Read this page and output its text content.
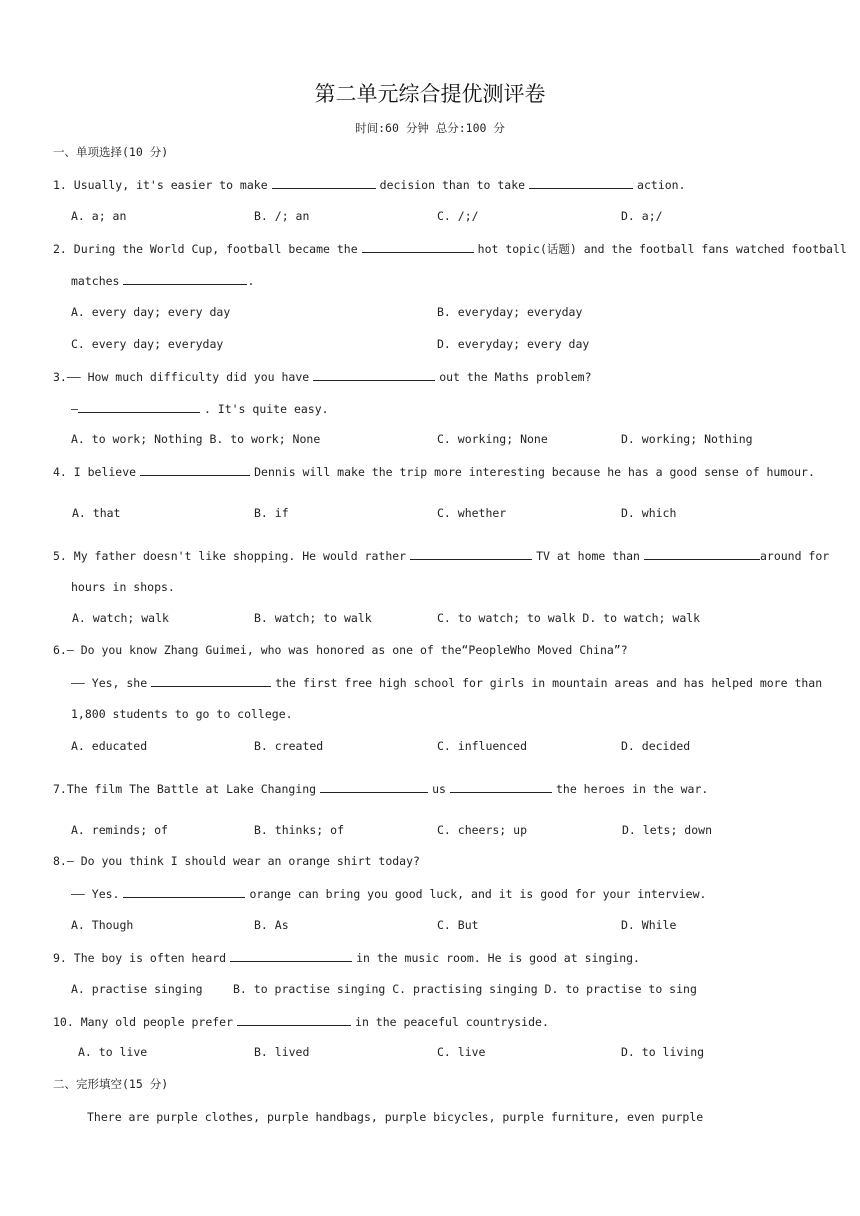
第二单元综合提优测评卷
时间:60 分钟 总分:100 分
一、单项选择(10 分)
1. Usually, it's easier to make	decision than to take	action.
A. a; an	B. /; an	C. /;/	D. a;/
2. During the World Cup, football became the	hot topic(话题) and the football fans watched football
matches	.
A. every day; every day	B. everyday; everyday
C. every day; everyday	D. everyday; every day
3.—— How much difficulty did you have	out the Maths problem?
—	. It's quite easy.
A. to work; Nothing B. to work; None	C. working; None	D. working; Nothing
4. I believe	Dennis will make the trip more interesting because he has a good sense of humour.
A. that	B. if	C. whether	D. which
5. My father doesn't like shopping. He would rather	TV at home than	around for
hours in shops.
A. watch; walk	B. watch; to walk	C. to watch; to walk D. to watch; walk
6.— Do you know Zhang Guimei, who was honored as one of the“PeopleWho Moved China”?
—— Yes, she	the first free high school for girls in mountain areas and has helped more than
1,800 students to go to college.
A. educated	B. created	C. influenced	D. decided
7.The film The Battle at Lake Changing	us	the heroes in the war.
A. reminds; of	B. thinks; of	C. cheers; up	D. lets; down
8.— Do you think I should wear an orange shirt today?
—— Yes.	orange can bring you good luck, and it is good for your interview.
A. Though	B. As	C. But	D. While
9. The boy is often heard	in the music room. He is good at singing.
A. practise singing	B. to practise singing C. practising singing D. to practise to sing
10. Many old people prefer	in the peaceful countryside.
A. to live	B. lived	C. live	D. to living
二、完形填空(15 分)
There are purple clothes, purple handbags, purple bicycles, purple furniture, even purple
